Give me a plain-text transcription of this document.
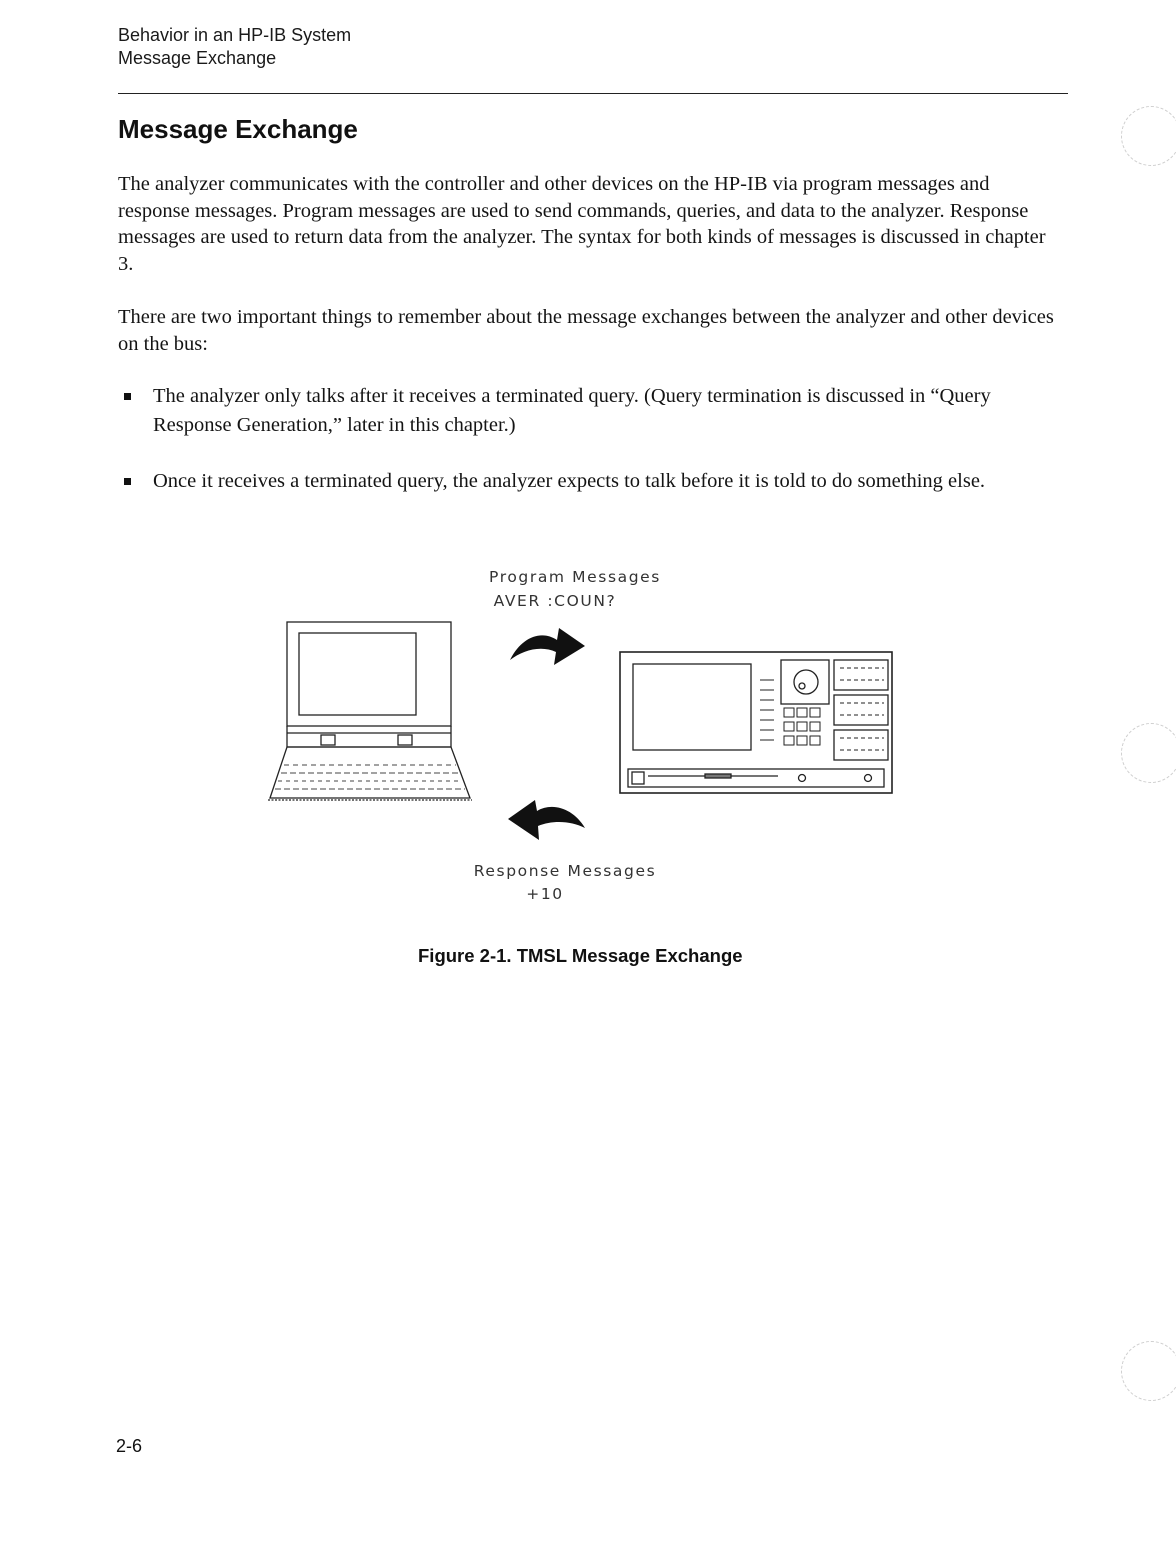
Behavior in an HP-IB System
Message Exchange
Message Exchange

The analyzer communicates with the controller and other devices on the HP-IB via program messages and response messages. Program messages are used to send commands, queries, and data to the analyzer. Response messages are used to return data from the analyzer. The syntax for both kinds of messages is discussed in chapter 3.

There are two important things to remember about the message exchanges between the analyzer and other devices on the bus:

The analyzer only talks after it receives a terminated query. (Query termination is discussed in “Query Response Generation,” later in this chapter.)
Once it receives a terminated query, the analyzer expects to talk before it is told to do something else.
Program Messages
AVER :COUN?
Response Messages
+10
Figure 2-1. TMSL Message Exchange
2-6
